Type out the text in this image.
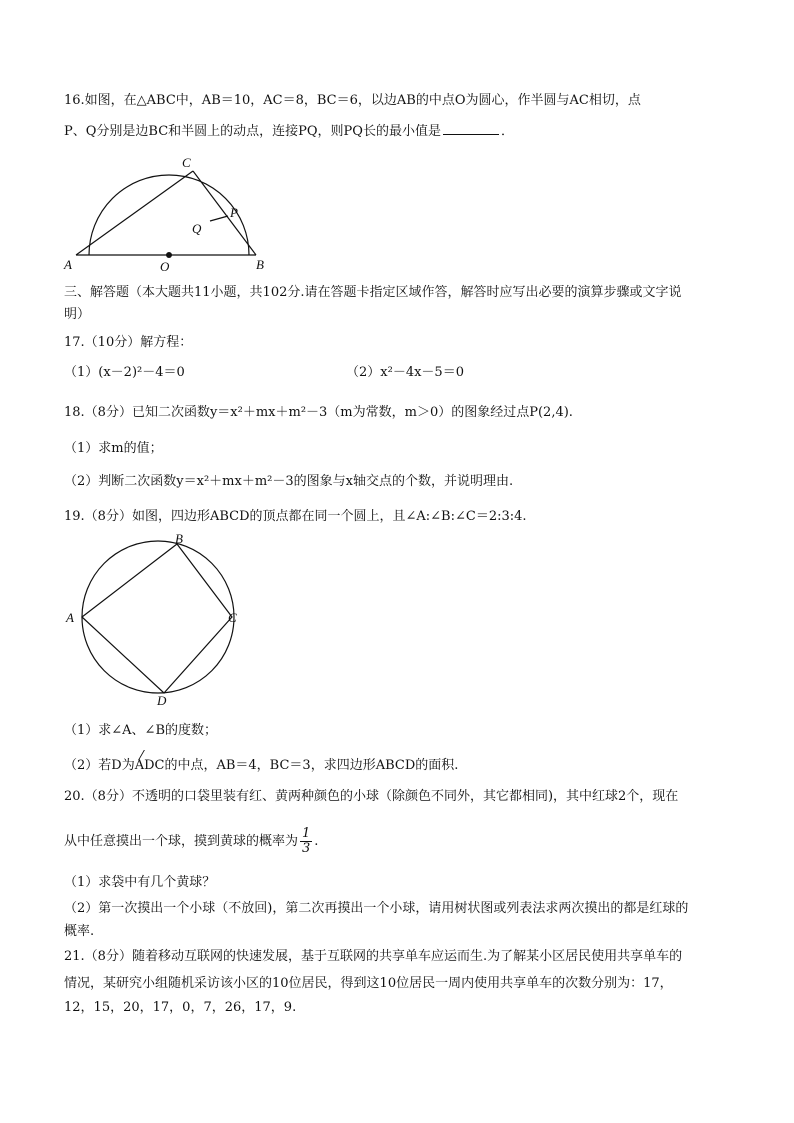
16.如图，在△ABC中，AB＝10，AC＝8，BC＝6，以边AB的中点O为圆心，作半圆与AC相切，点
P、Q分别是边BC和半圆上的动点，连接PQ，则PQ长的最小值是	．
C
A	O	B
Q
P
三、解答题（本大题共11小题，共102分.请在答题卡指定区域作答，解答时应写出必要的演算步骤或文字说
明）
17.（10分）解方程：
（1）(x－2)²－4＝0	（2）x²－4x－5＝0
18.（8分）已知二次函数y＝x²＋mx＋m²－3（m为常数，m＞0）的图象经过点P(2,4).
（1）求m的值；
（2）判断二次函数y＝x²＋mx＋m²－3的图象与x轴交点的个数，并说明理由.
19.（8分）如图，四边形ABCD的顶点都在同一个圆上，且∠A:∠B:∠C＝2:3:4.
B
A	C
D
（1）求∠A、∠B的度数；
（2）若D为ADC的中点，AB＝4，BC＝3，求四边形ABCD的面积.
20.（8分）不透明的口袋里装有红、黄两种颜色的小球（除颜色不同外，其它都相同)，其中红球2个，现在
从中任意摸出一个球，摸到黄球的概率为 $\frac{1}{3}$ .
（1）求袋中有几个黄球？
（2）第一次摸出一个小球（不放回)，第二次再摸出一个小球，请用树状图或列表法求两次摸出的都是红球的
概率.
21.（8分）随着移动互联网的快速发展，基于互联网的共享单车应运而生.为了解某小区居民使用共享单车的
情况，某研究小组随机采访该小区的10位居民，得到这10位居民一周内使用共享单车的次数分别为：17，
12，15，20，17，0，7，26，17，9.
